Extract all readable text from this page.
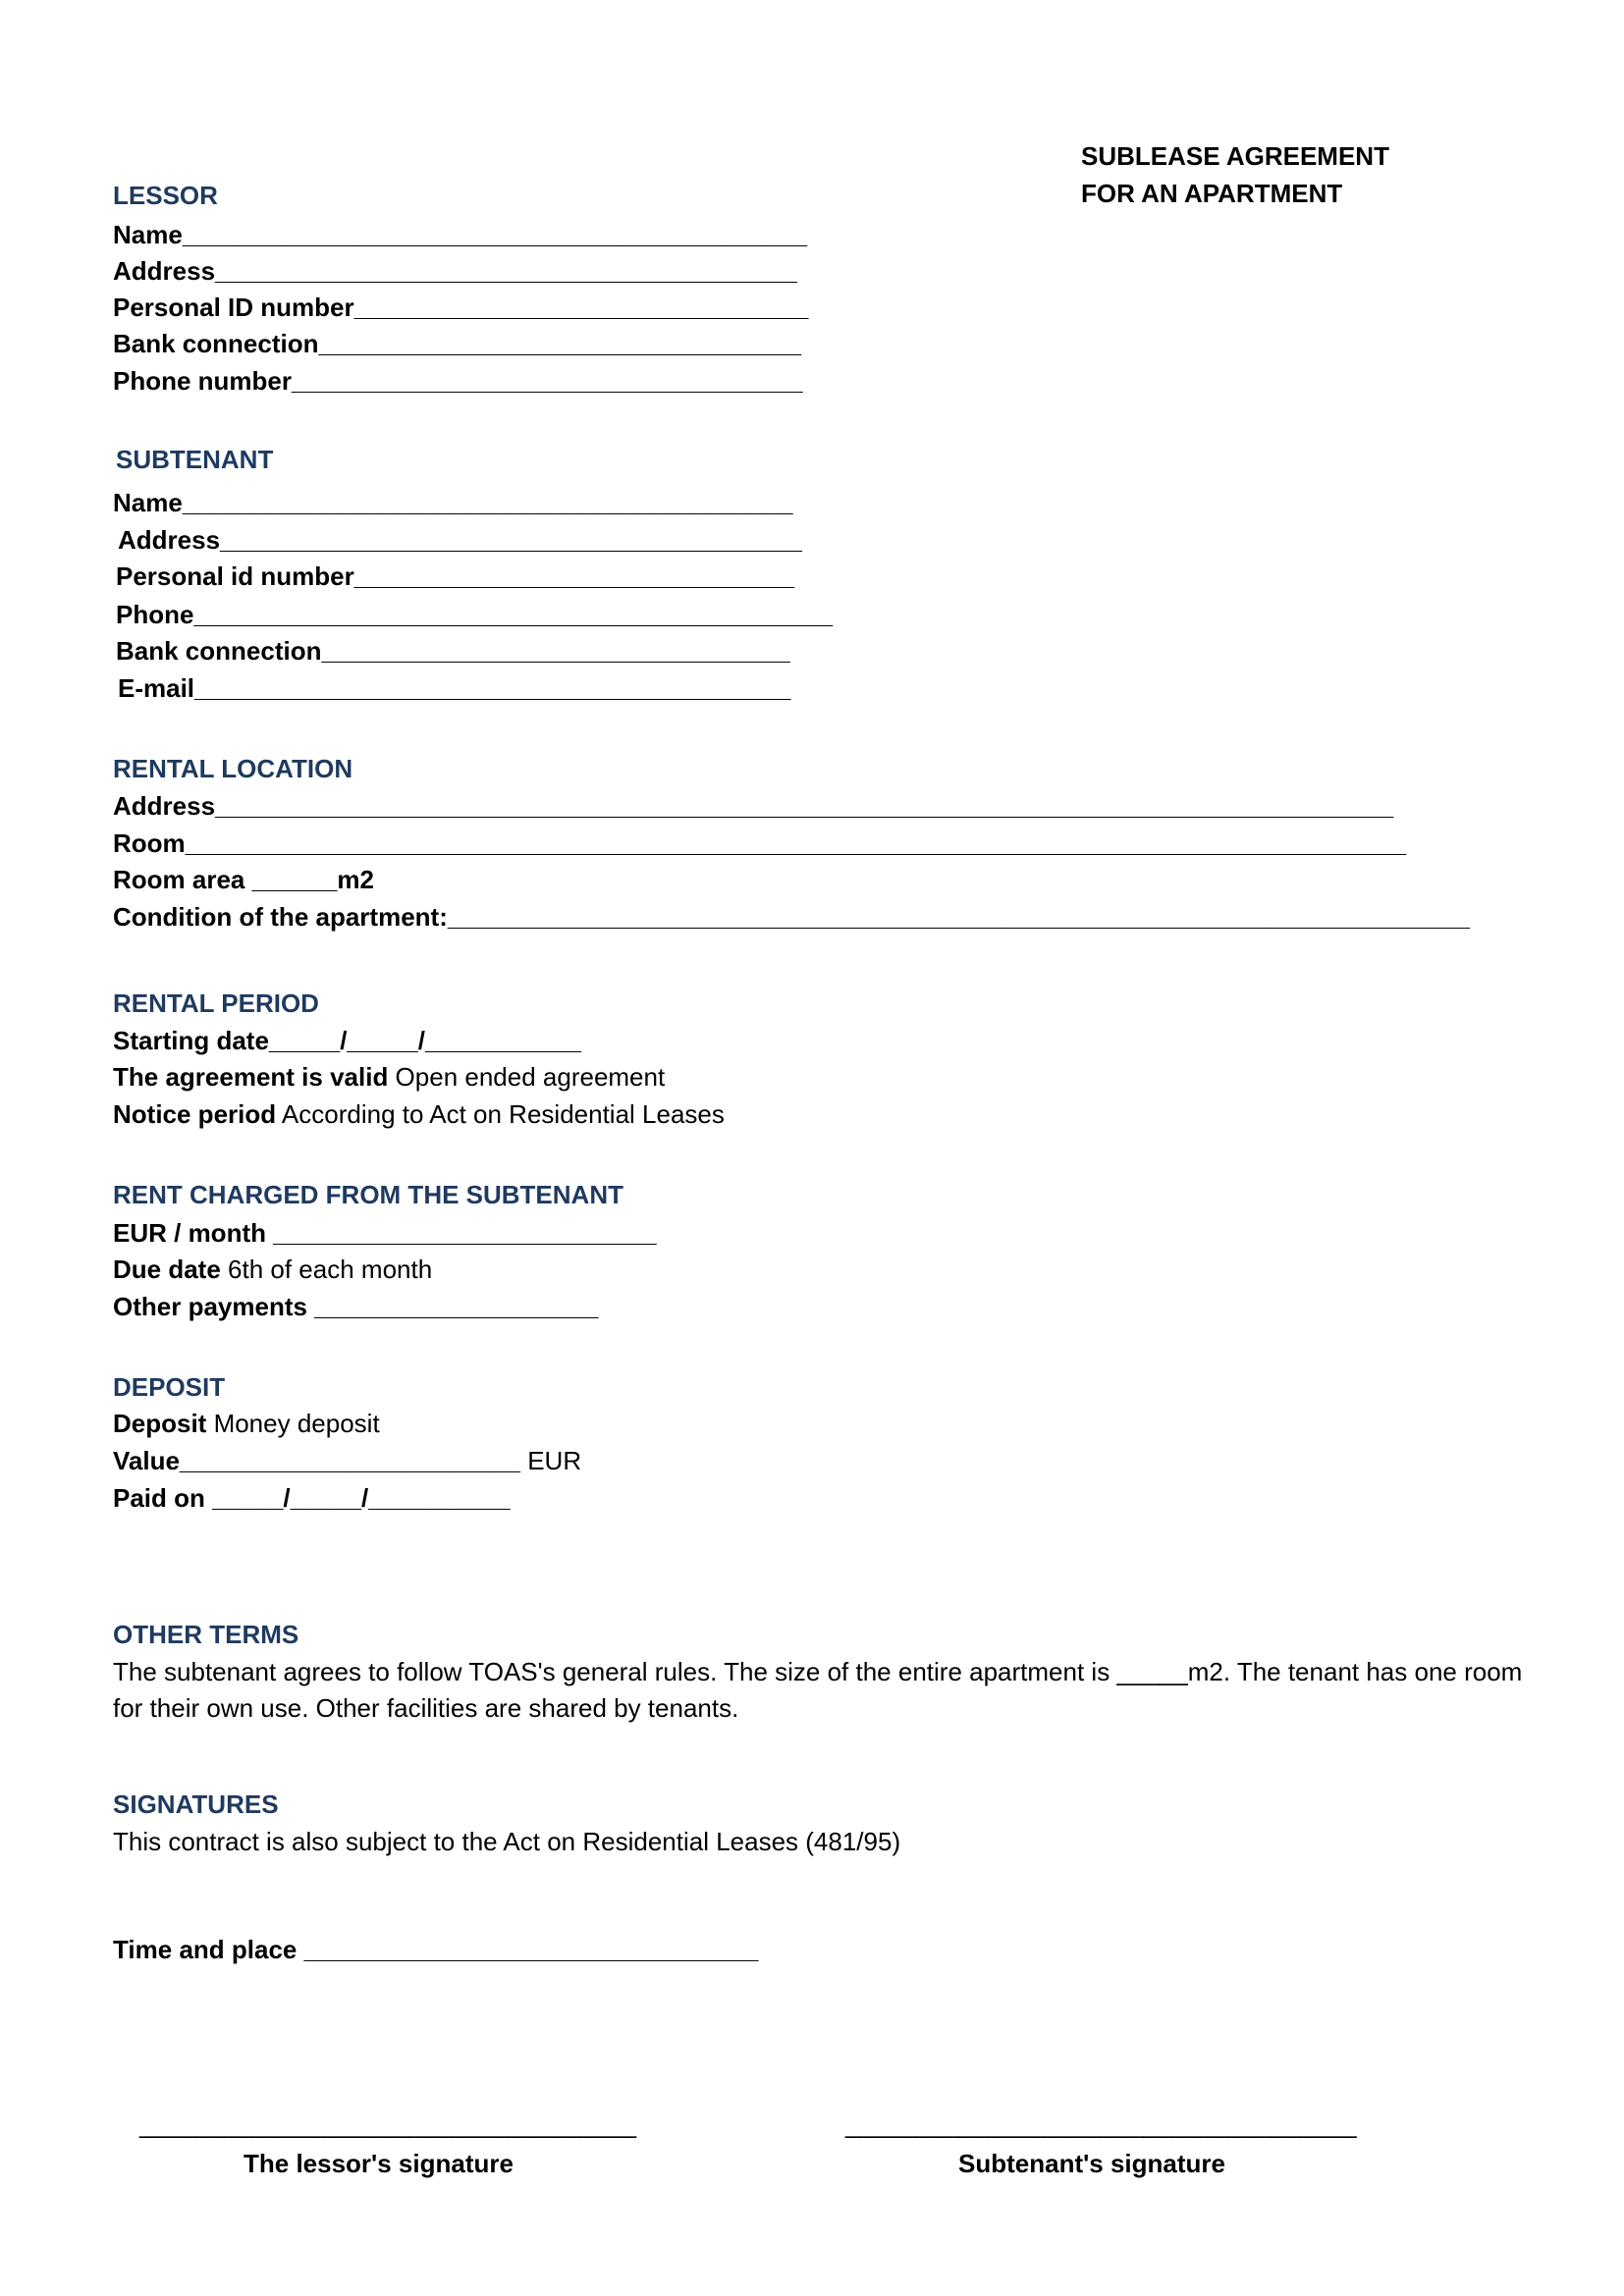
SUBLEASE AGREEMENT
FOR AN APARTMENT
LESSOR
Name____________________________________________
Address_________________________________________
Personal ID number________________________________
Bank connection__________________________________
Phone number____________________________________
SUBTENANT
Name___________________________________________
Address_________________________________________
Personal id number_______________________________
Phone_____________________________________________
Bank connection_________________________________
E-mail__________________________________________
RENTAL LOCATION
Address___________________________________________________________________________________
Room______________________________________________________________________________________
Room area ______m2
Condition of the apartment:________________________________________________________________________
RENTAL PERIOD
Starting date_____/_____/___________
The agreement is valid Open ended agreement
Notice period According to Act on Residential Leases
RENT CHARGED FROM THE SUBTENANT
EUR / month ___________________________
Due date 6th of each month
Other payments ____________________
DEPOSIT
Deposit Money deposit
Value________________________ EUR
Paid on _____/_____/__________
OTHER TERMS
The subtenant agrees to follow TOAS's general rules. The size of the entire apartment is _____m2. The tenant has one room for their own use. Other facilities are shared by tenants.
SIGNATURES
This contract is also subject to the Act on Residential Leases (481/95)
Time and place ________________________________
___________________________________
The lessor's signature
____________________________________
Subtenant's signature
